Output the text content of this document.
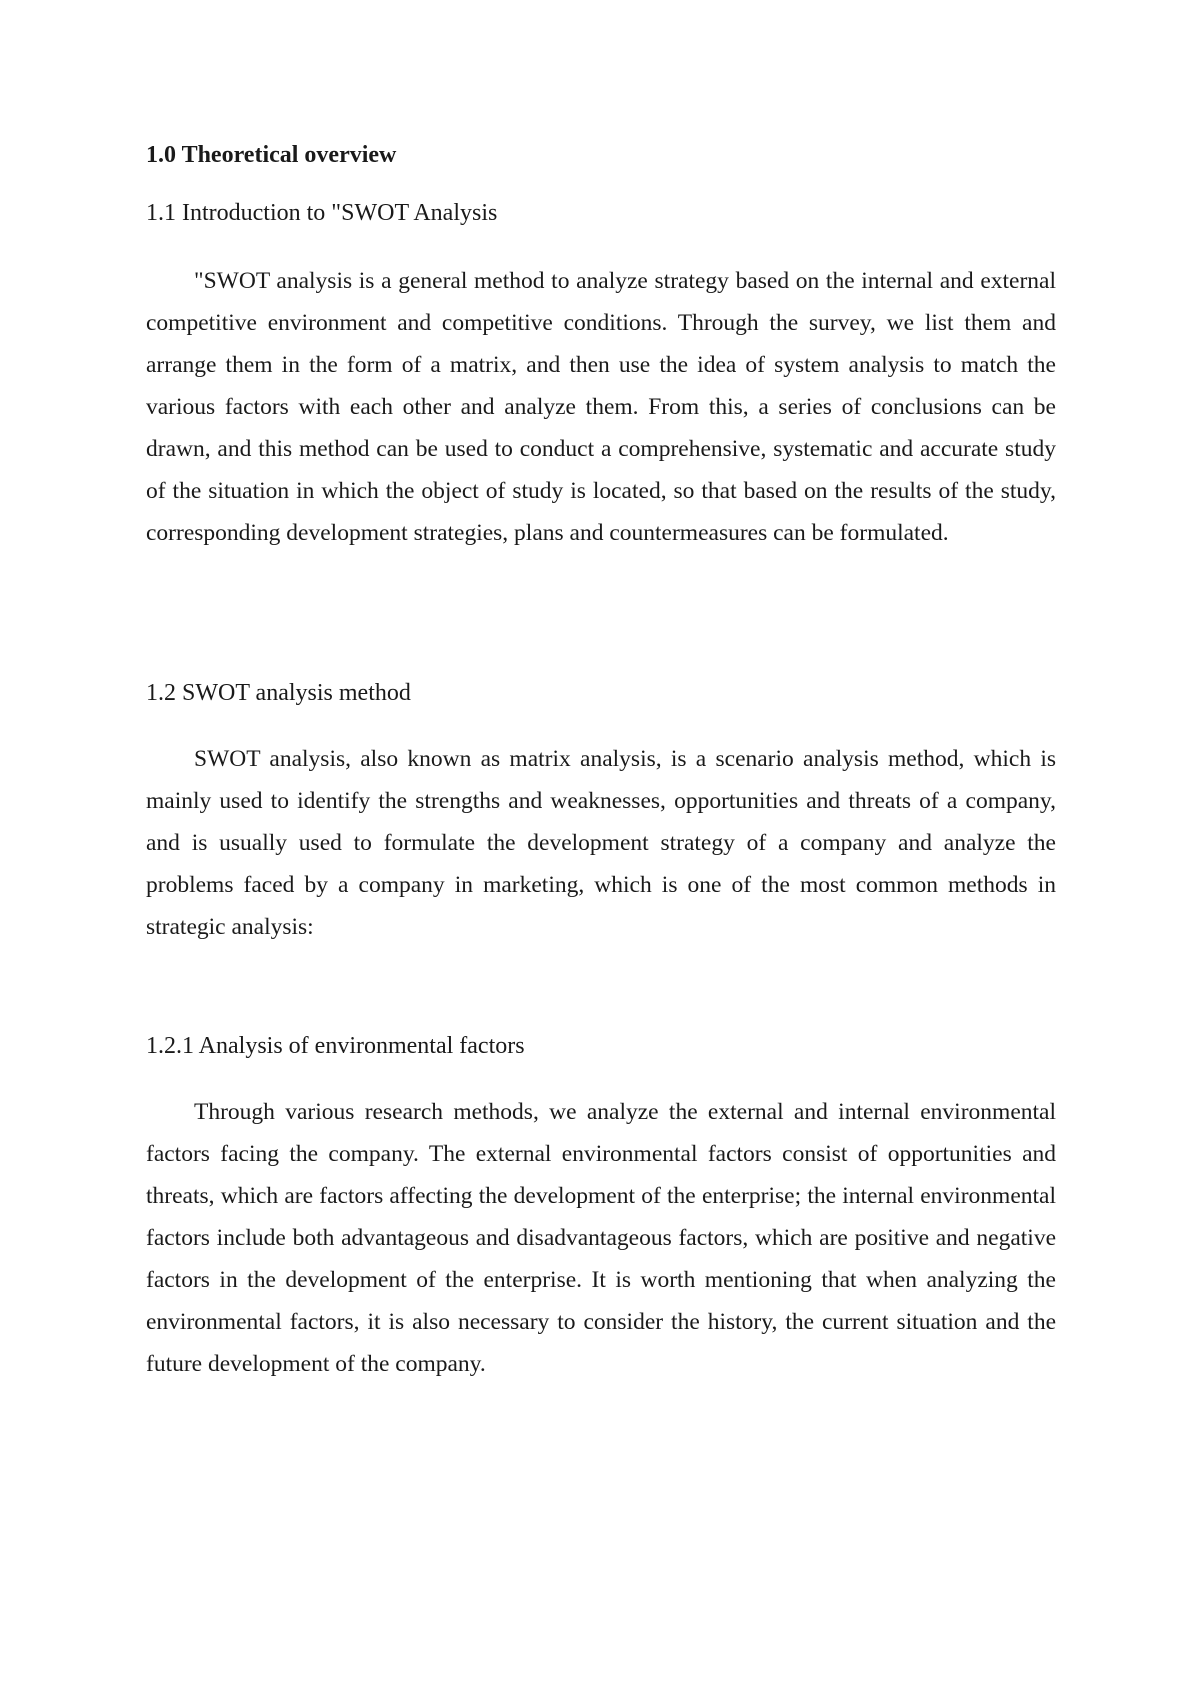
1.0 Theoretical overview
1.1 Introduction to "SWOT Analysis

"SWOT analysis is a general method to analyze strategy based on the internal and external competitive environment and competitive conditions. Through the survey, we list them and arrange them in the form of a matrix, and then use the idea of system analysis to match the various factors with each other and analyze them. From this, a series of conclusions can be drawn, and this method can be used to conduct a comprehensive, systematic and accurate study of the situation in which the object of study is located, so that based on the results of the study, corresponding development strategies, plans and countermeasures can be formulated.

1.2 SWOT analysis method

SWOT analysis, also known as matrix analysis, is a scenario analysis method, which is mainly used to identify the strengths and weaknesses, opportunities and threats of a company, and is usually used to formulate the development strategy of a company and analyze the problems faced by a company in marketing, which is one of the most common methods in strategic analysis:

1.2.1 Analysis of environmental factors

Through various research methods, we analyze the external and internal environmental factors facing the company. The external environmental factors consist of opportunities and threats, which are factors affecting the development of the enterprise; the internal environmental factors include both advantageous and disadvantageous factors, which are positive and negative factors in the development of the enterprise. It is worth mentioning that when analyzing the environmental factors, it is also necessary to consider the history, the current situation and the future development of the company.
